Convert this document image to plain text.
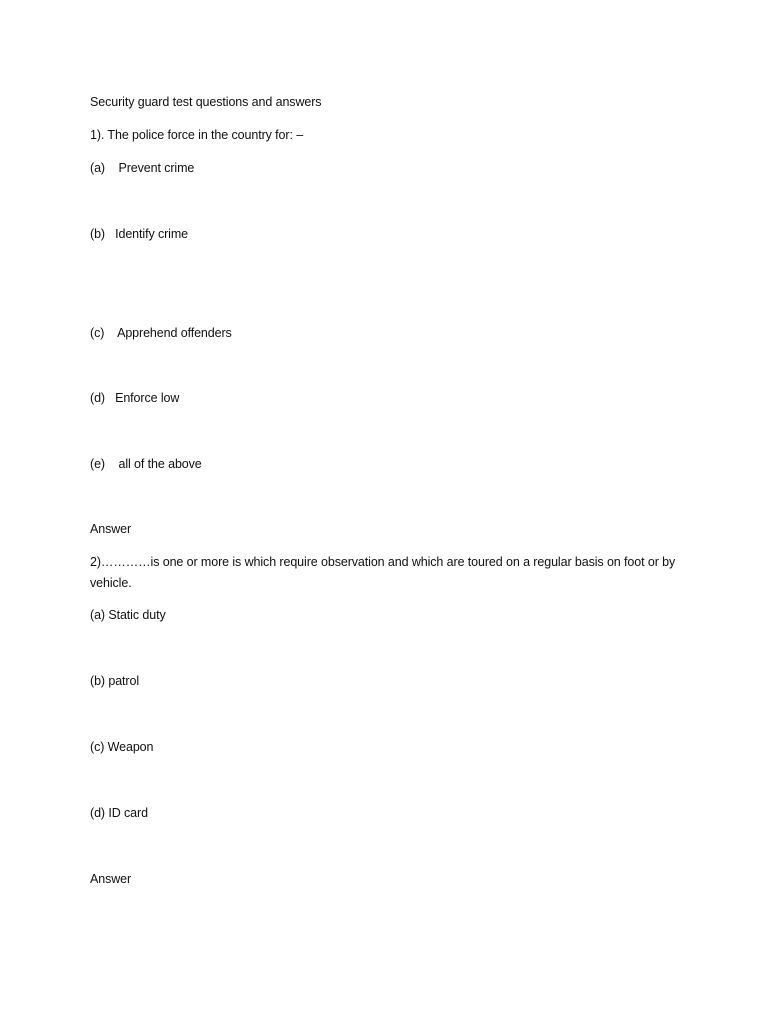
Security guard test questions and answers
1). The police force in the country for: –
(a)    Prevent crime
(b)   Identify crime
(c)    Apprehend offenders
(d)   Enforce low
(e)    all of the above
Answer
2)…………is one or more is which require observation and which are toured on a regular basis on foot or by vehicle.
(a) Static duty
(b) patrol
(c) Weapon
(d) ID card
Answer
